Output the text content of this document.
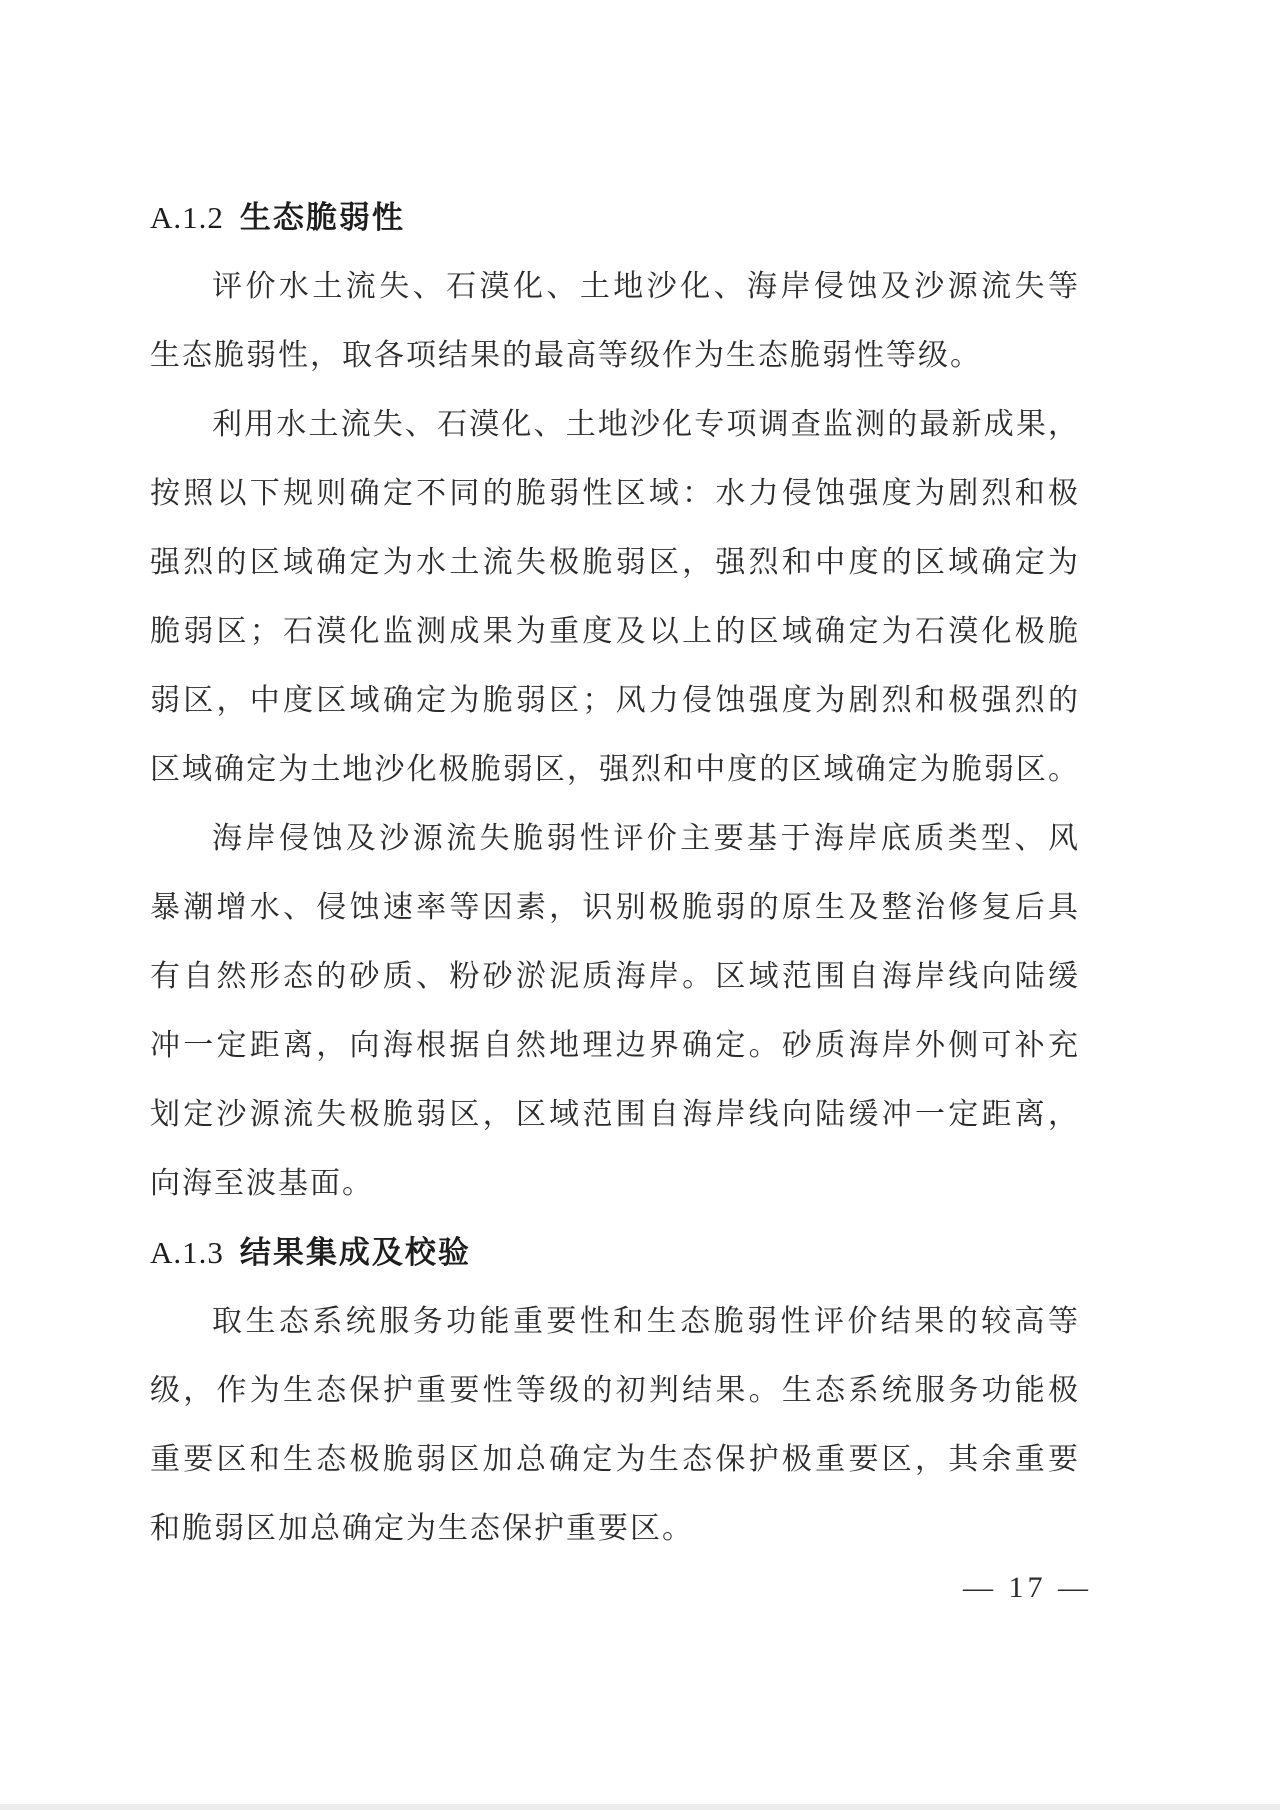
A.1.2 生态脆弱性
评价水土流失、石漠化、土地沙化、海岸侵蚀及沙源流失等
生态脆弱性，取各项结果的最高等级作为生态脆弱性等级。
利用水土流失、石漠化、土地沙化专项调查监测的最新成果，
按照以下规则确定不同的脆弱性区域：水力侵蚀强度为剧烈和极
强烈的区域确定为水土流失极脆弱区，强烈和中度的区域确定为
脆弱区；石漠化监测成果为重度及以上的区域确定为石漠化极脆
弱区，中度区域确定为脆弱区；风力侵蚀强度为剧烈和极强烈的
区域确定为土地沙化极脆弱区，强烈和中度的区域确定为脆弱区。
海岸侵蚀及沙源流失脆弱性评价主要基于海岸底质类型、风
暴潮增水、侵蚀速率等因素，识别极脆弱的原生及整治修复后具
有自然形态的砂质、粉砂淤泥质海岸。区域范围自海岸线向陆缓
冲一定距离，向海根据自然地理边界确定。砂质海岸外侧可补充
划定沙源流失极脆弱区，区域范围自海岸线向陆缓冲一定距离，
向海至波基面。
A.1.3 结果集成及校验
取生态系统服务功能重要性和生态脆弱性评价结果的较高等
级，作为生态保护重要性等级的初判结果。生态系统服务功能极
重要区和生态极脆弱区加总确定为生态保护极重要区，其余重要
和脆弱区加总确定为生态保护重要区。
— 17 —
